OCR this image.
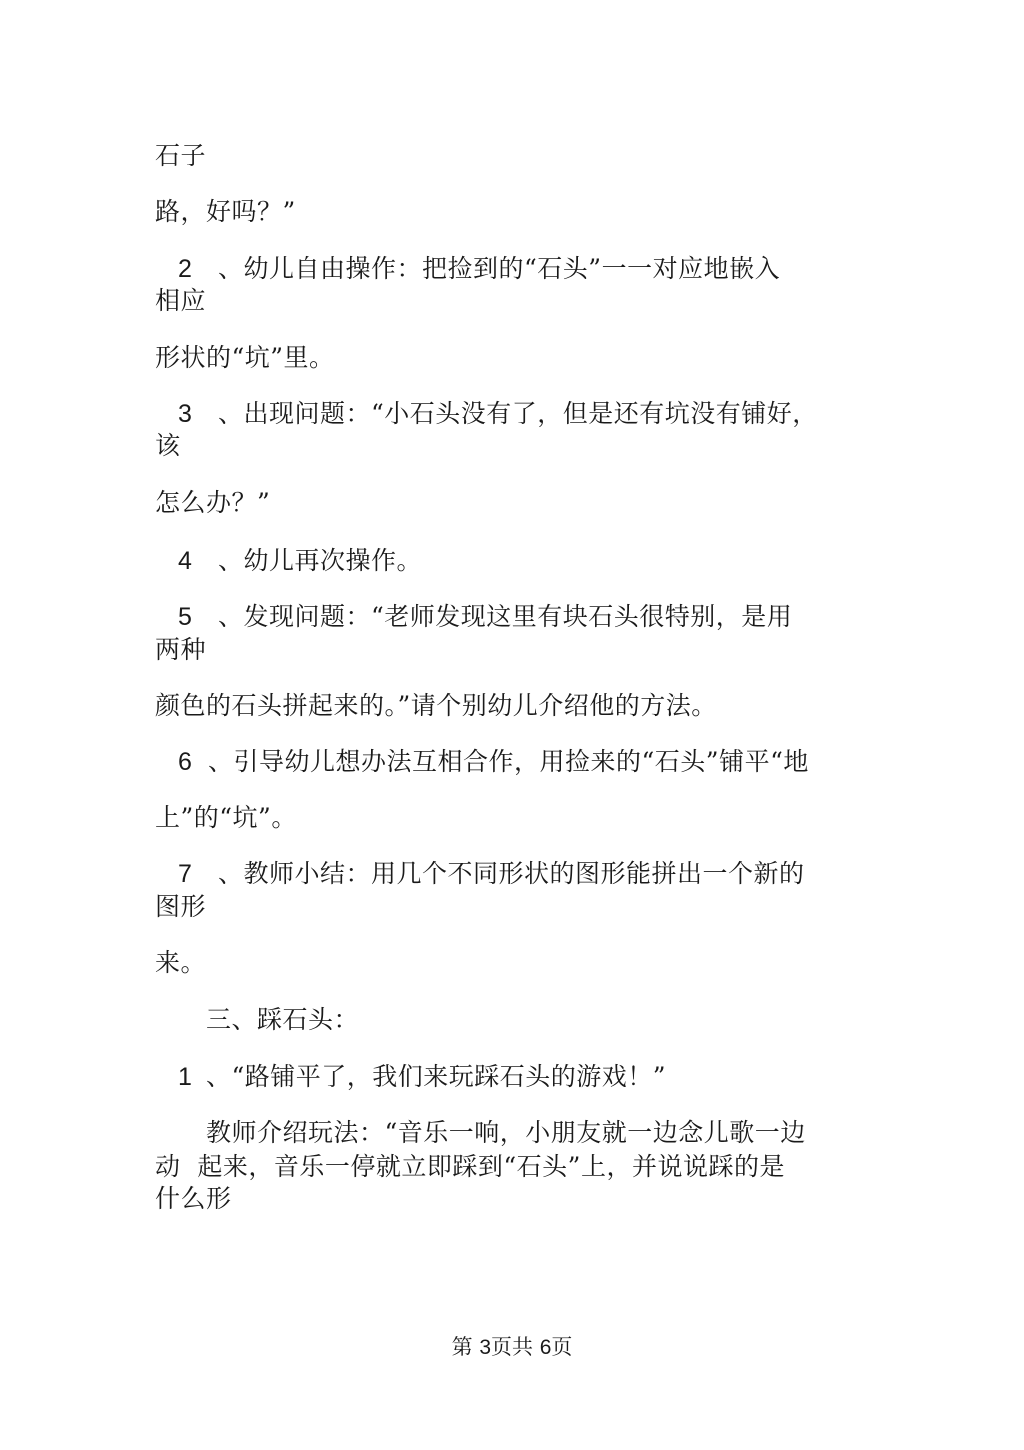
石子
路，好吗？”
2 、幼儿自由操作：把捡到的“石头”一一对应地嵌入
相应
形状的“坑”里。
3 、出现问题：“小石头没有了，但是还有坑没有铺好，
该
怎么办？”
4 、幼儿再次操作。
5 、发现问题：“老师发现这里有块石头很特别，是用
两种
颜色的石头拼起来的。”请个别幼儿介绍他的方法。
6 、引导幼儿想办法互相合作，用捡来的“石头”铺平“地
上”的“坑”。
7 、教师小结：用几个不同形状的图形能拼出一个新的
图形
来。
三、踩石头：
1 、“路铺平了，我们来玩踩石头的游戏！”
教师介绍玩法：“音乐一响，小朋友就一边念儿歌一边
动  起来，音乐一停就立即踩到“石头”上，并说说踩的是
什么形
第 3页共 6页
